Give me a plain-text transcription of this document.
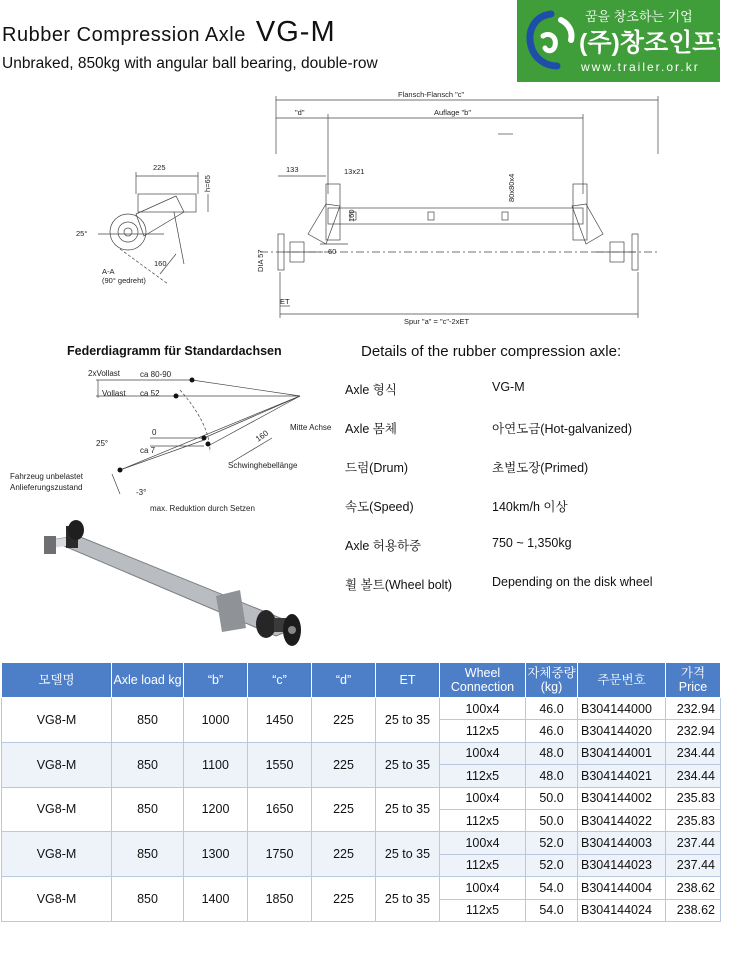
Rubber Compression Axle VG-M
Unbraked, 850kg with angular ball bearing, double-row
꿈을 창조하는 기업
(주)창조인프라
www.trailer.or.kr
225
h=65
25°
160
A-A
(90° gedreht)
Flansch-Flansch "c"
"d"	Auflage "b"
133	13x21
160
80x80x4
DIA 57	60
ET
Spur "a" = "c"-2xET
Federdiagramm für Standardachsen
2xVollast ca 80-90
Vollast ca 52
0
ca 7
25°	160
Mitte Achse
Schwinghebellänge
Fahrzeug unbelastet
Anlieferungszustand
-3°
max. Reduktion durch Setzen
Details of the rubber compression axle:
Axle 형식	VG-M
Axle 몸체	아연도금(Hot-galvanized)
드럼(Drum)	초벌도장(Primed)
속도(Speed)	140km/h 이상
Axle 허용하중	750 ~ 1,350kg
휠 볼트(Wheel bolt)	Depending on the disk wheel
모델명	Axle load kg	“b”	“c”	“d”	ET	Wheel Connection	자체중량 (kg)	주문번호	가격 Price
VG8-M	850	1000	1450	225	25 to 35	100x4	46.0	B304144000	232.94
						112x5	46.0	B304144020	232.94
VG8-M	850	1100	1550	225	25 to 35	100x4	48.0	B304144001	234.44
						112x5	48.0	B304144021	234.44
VG8-M	850	1200	1650	225	25 to 35	100x4	50.0	B304144002	235.83
						112x5	50.0	B304144022	235.83
VG8-M	850	1300	1750	225	25 to 35	100x4	52.0	B304144003	237.44
						112x5	52.0	B304144023	237.44
VG8-M	850	1400	1850	225	25 to 35	100x4	54.0	B304144004	238.62
						112x5	54.0	B304144024	238.62
